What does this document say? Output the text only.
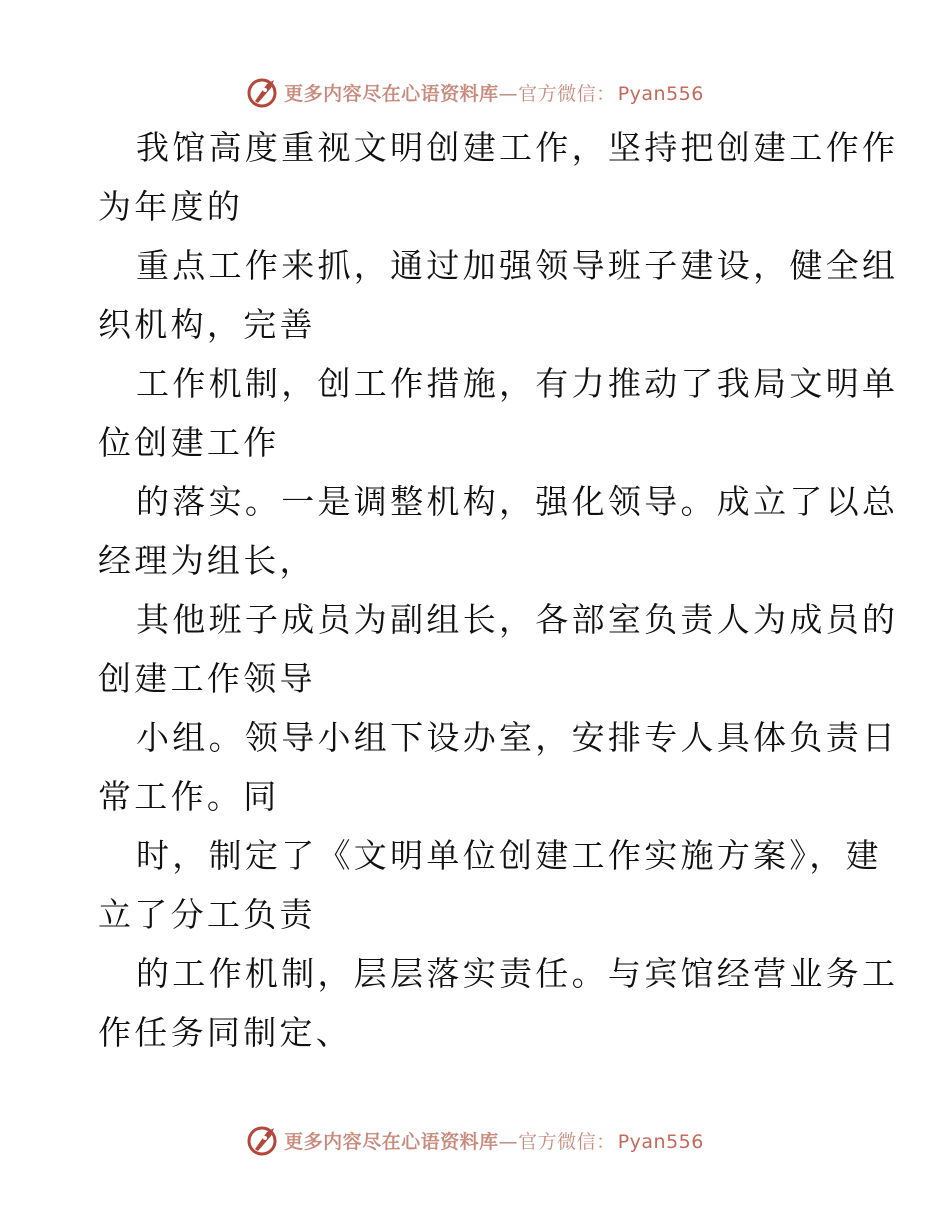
更多内容尽在心语资料库—官方微信： Pyan556

我馆高度重视文明创建工作，坚持把创建工作作

为年度的

重点工作来抓，通过加强领导班子建设，健全组

织机构，完善

工作机制，创工作措施，有力推动了我局文明单

位创建工作

的落实。一是调整机构，强化领导。成立了以总

经理为组长，

其他班子成员为副组长，各部室负责人为成员的

创建工作领导

小组。领导小组下设办室，安排专人具体负责日

常工作。同

时，制定了《文明单位创建工作实施方案》，建

立了分工负责

的工作机制，层层落实责任。与宾馆经营业务工

作任务同制定、

更多内容尽在心语资料库—官方微信： Pyan556
